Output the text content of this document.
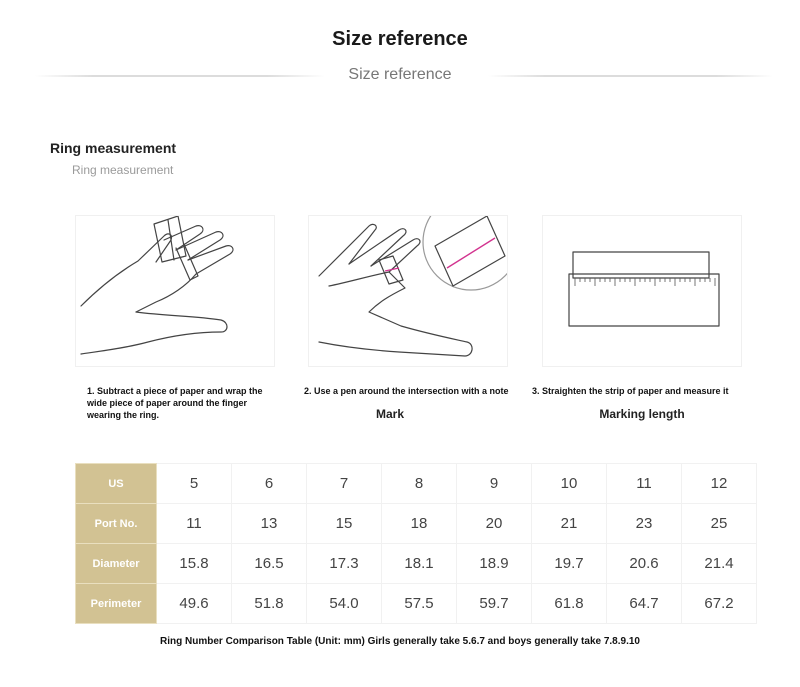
Size reference
Size reference
Ring measurement
Ring measurement
1. Subtract a piece of paper and wrap the wide piece of paper around the finger wearing the ring.
2. Use a pen around the intersection with a note
Mark
3. Straighten the strip of paper and measure it
Marking length
US	5	6	7	8	9	10	11	12
Port No.	11	13	15	18	20	21	23	25
Diameter	15.8	16.5	17.3	18.1	18.9	19.7	20.6	21.4
Perimeter	49.6	51.8	54.0	57.5	59.7	61.8	64.7	67.2
Ring Number Comparison Table (Unit: mm) Girls generally take 5.6.7 and boys generally take 7.8.9.10
